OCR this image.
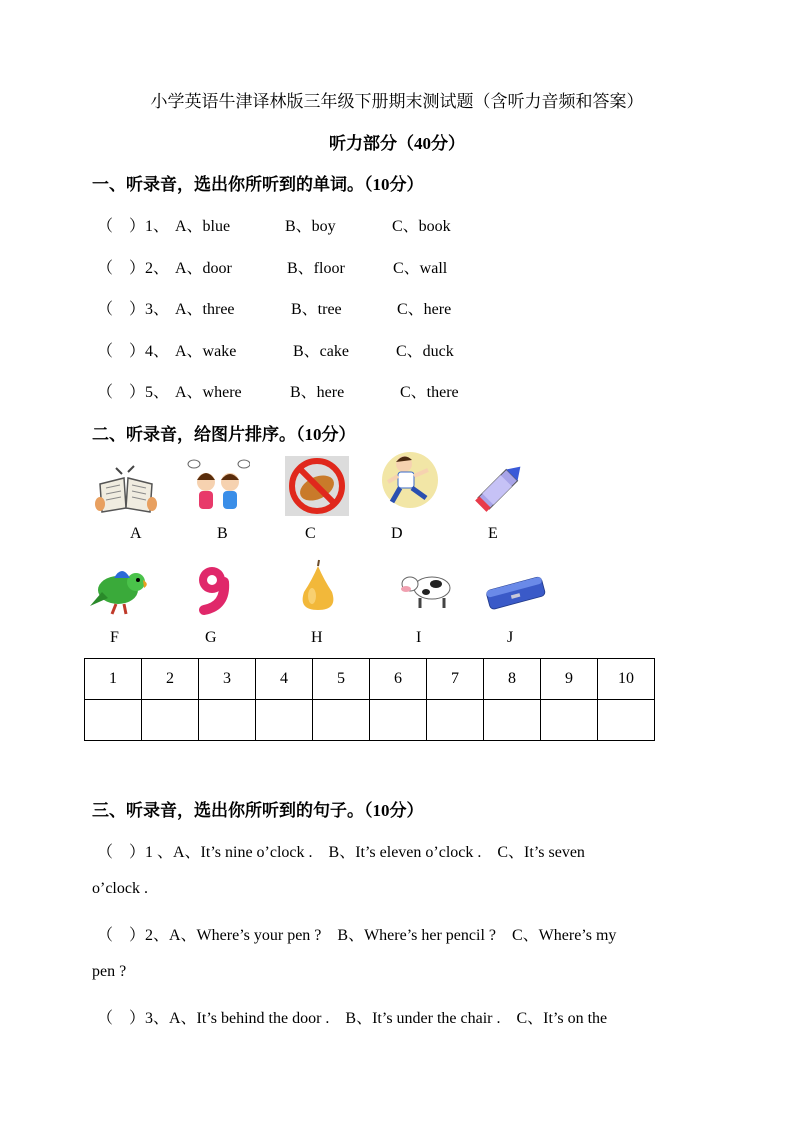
小学英语牛津译林版三年级下册期末测试题（含听力音频和答案）
听力部分（40分）
一、听录音，选出你所听到的单词。（10分）
（　）1、 A、blue	B、boy	C、book
（　）2、 A、door	B、floor	C、wall
（　）3、 A、three	B、tree	C、here
（　）4、 A、wake	B、cake	C、duck
（　）5、 A、where	B、here	C、there
二、听录音，给图片排序。（10分）
A	B	C	D	E
F	G	H	I	J
1	2	3	4	5	6	7	8	9	10

三、听录音，选出你所听到的句子。（10分）
（　）1 、A、It’s nine o’clock .　B、It’s eleven o’clock .　C、It’s seven
o’clock .
（　）2、A、Where’s your pen ?　B、Where’s her pencil ?　C、Where’s my
pen ?
（　）3、A、It’s behind the door .　B、It’s under the chair .　C、It’s on the
